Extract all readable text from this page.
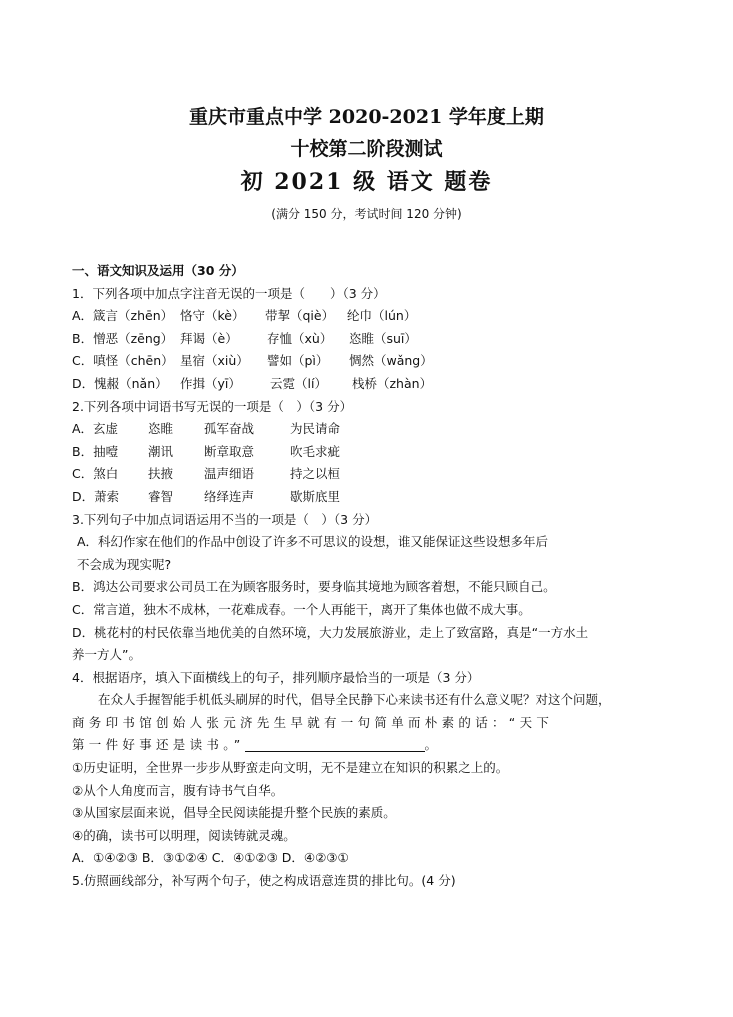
重庆市重点中学 2020-2021 学年度上期
十校第二阶段测试
初 2021 级 语文 题卷
(满分 150 分，考试时间 120 分钟)
一、语文知识及运用（30 分）
1．下列各项中加点字注音无误的一项是（　　）（3 分）
A．箴言（zhēn） 恪守（kè） 带挈（qiè） 纶巾（lún）
B．憎恶（zēng） 拜谒（è） 存恤（xù） 恣睢（suī）
C．嗔怪（chēn） 星宿（xiù） 譬如（pì） 惆然（wǎng）
D．愧赧（nǎn） 作揖（yī） 云霓（lí） 栈桥（zhàn）
2.下列各项中词语书写无误的一项是（　）（3 分）
A．玄虚 恣睢 孤军奋战	为民请命
B．抽噎 潮讯 断章取意	吹毛求疵
C．煞白 扶掖 温声细语	持之以桓
D．萧索 睿智 络绎连声	歇斯底里
3.下列句子中加点词语运用不当的一项是（　）（3 分）
A．科幻作家在他们的作品中创设了许多不可思议的设想，谁又能保证这些设想多年后
不会成为现实呢?
B．鸿达公司要求公司员工在为顾客服务时，要身临其境地为顾客着想，不能只顾自己。
C．常言道，独木不成林，一花难成春。一个人再能干，离开了集体也做不成大事。
D．桃花村的村民依靠当地优美的自然环境，大力发展旅游业，走上了致富路，真是“一方水土
养一方人”。
4．根据语序，填入下面横线上的句子，排列顺序最恰当的一项是（3 分）
在众人手握智能手机低头刷屏的时代，倡导全民静下心来读书还有什么意义呢？对这个问题，
商务印书馆创始人张元济先生早就有一句简单而朴素的话：“天下
第一件好事还是读书。”	。
①历史证明，全世界一步步从野蛮走向文明，无不是建立在知识的积累之上的。
②从个人角度而言，腹有诗书气自华。
③从国家层面来说，倡导全民阅读能提升整个民族的素质。
④的确，读书可以明理，阅读铸就灵魂。
A．①④②③ B．③①②④ C．④①②③ D．④②③①
5.仿照画线部分，补写两个句子，使之构成语意连贯的排比句。(4 分)
